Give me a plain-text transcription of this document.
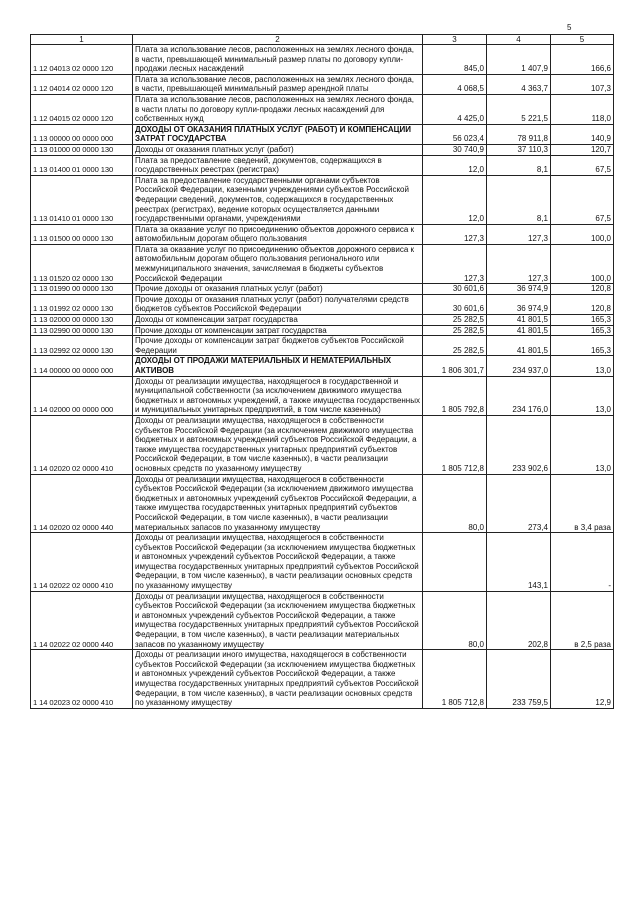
5
1	2	3	4	5
1 12 04013 02 0000 120	Плата за использование лесов, расположенных на землях лесного фонда, в части, превышающей минимальный размер платы по договору купли-продажи лесных насаждений	845,0	1 407,9	166,6
1 12 04014 02 0000 120	Плата за использование лесов, расположенных на землях лесного фонда, в части, превышающей минимальный размер арендной платы	4 068,5	4 363,7	107,3
1 12 04015 02 0000 120	Плата за использование лесов, расположенных на землях лесного фонда, в части платы по договору купли-продажи лесных насаждений для собственных нужд	4 425,0	5 221,5	118,0
1 13 00000 00 0000 000	ДОХОДЫ ОТ ОКАЗАНИЯ ПЛАТНЫХ УСЛУГ (РАБОТ) И КОМПЕНСАЦИИ ЗАТРАТ ГОСУДАРСТВА	56 023,4	78 911,8	140,9
1 13 01000 00 0000 130	Доходы от оказания платных услуг (работ)	30 740,9	37 110,3	120,7
1 13 01400 01 0000 130	Плата за предоставление сведений, документов, содержащихся в государственных реестрах (регистрах)	12,0	8,1	67,5
1 13 01410 01 0000 130	Плата за предоставление государственными органами субъектов Российской Федерации, казенными учреждениями субъектов Российской Федерации сведений, документов, содержащихся в государственных реестрах (регистрах), ведение которых осуществляется данными государственными органами, учреждениями	12,0	8,1	67,5
1 13 01500 00 0000 130	Плата за оказание услуг по присоединению объектов дорожного сервиса к автомобильным дорогам общего пользования	127,3	127,3	100,0
1 13 01520 02 0000 130	Плата за оказание услуг по присоединению объектов дорожного сервиса к автомобильным дорогам общего пользования регионального или межмуниципального значения, зачисляемая в бюджеты субъектов Российской Федерации	127,3	127,3	100,0
1 13 01990 00 0000 130	Прочие доходы от оказания платных услуг (работ)	30 601,6	36 974,9	120,8
1 13 01992 02 0000 130	Прочие доходы от оказания платных услуг (работ) получателями средств бюджетов субъектов Российской Федерации	30 601,6	36 974,9	120,8
1 13 02000 00 0000 130	Доходы от компенсации затрат государства	25 282,5	41 801,5	165,3
1 13 02990 00 0000 130	Прочие доходы от компенсации затрат государства	25 282,5	41 801,5	165,3
1 13 02992 02 0000 130	Прочие доходы от компенсации затрат бюджетов субъектов Российской Федерации	25 282,5	41 801,5	165,3
1 14 00000 00 0000 000	ДОХОДЫ ОТ ПРОДАЖИ МАТЕРИАЛЬНЫХ И НЕМАТЕРИАЛЬНЫХ АКТИВОВ	1 806 301,7	234 937,0	13,0
1 14 02000 00 0000 000	Доходы от реализации имущества, находящегося в государственной и муниципальной собственности (за исключением движимого имущества бюджетных и автономных учреждений, а также имущества государственных и муниципальных унитарных предприятий, в том числе казенных)	1 805 792,8	234 176,0	13,0
1 14 02020 02 0000 410	Доходы от реализации имущества, находящегося в собственности субъектов Российской Федерации (за исключением движимого имущества бюджетных и автономных учреждений субъектов Российской Федерации, а также имущества государственных унитарных предприятий субъектов Российской Федерации, в том числе казенных), в части реализации основных средств по указанному имуществу	1 805 712,8	233 902,6	13,0
1 14 02020 02 0000 440	Доходы от реализации имущества, находящегося в собственности субъектов Российской Федерации (за исключением движимого имущества бюджетных и автономных учреждений субъектов Российской Федерации, а также имущества государственных унитарных предприятий субъектов Российской Федерации, в том числе казенных), в части реализации материальных запасов по указанному имуществу	80,0	273,4	в 3,4 раза
1 14 02022 02 0000 410	Доходы от реализации имущества, находящегося в собственности субъектов Российской Федерации (за исключением имущества бюджетных и автономных учреждений субъектов Российской Федерации, а также имущества государственных унитарных предприятий субъектов Российской Федерации, в том числе казенных), в части реализации основных средств по указанному имуществу		143,1	-
1 14 02022 02 0000 440	Доходы от реализации имущества, находящегося в собственности субъектов Российской Федерации (за исключением имущества бюджетных и автономных учреждений субъектов Российской Федерации, а также имущества государственных унитарных предприятий субъектов Российской Федерации, в том числе казенных), в части реализации материальных запасов по указанному имуществу	80,0	202,8	в 2,5 раза
1 14 02023 02 0000 410	Доходы от реализации иного имущества, находящегося в собственности субъектов Российской Федерации (за исключением имущества бюджетных и автономных учреждений субъектов Российской Федерации, а также имущества государственных унитарных предприятий субъектов Российской Федерации, в том числе казенных), в части реализации основных средств по указанному имуществу	1 805 712,8	233 759,5	12,9
